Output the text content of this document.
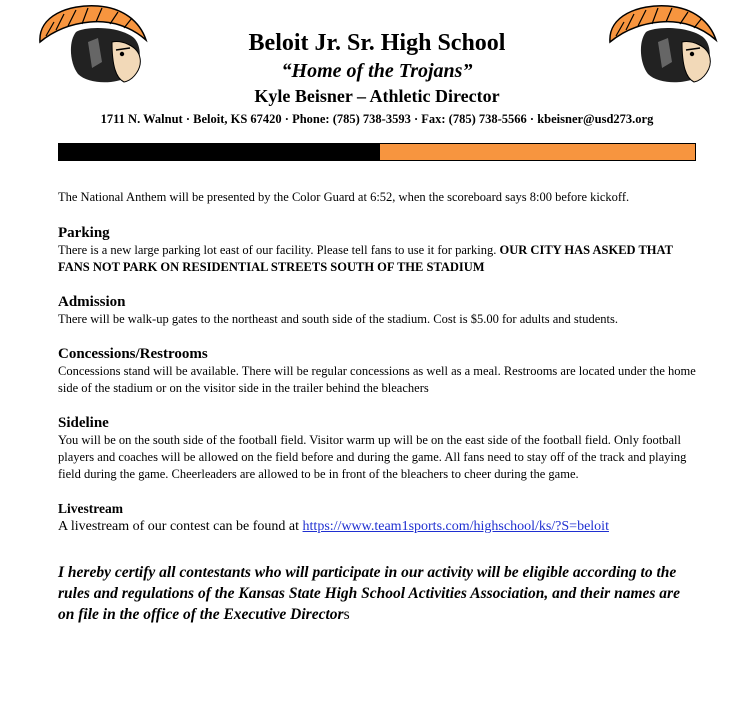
Beloit Jr. Sr. High School
“Home of the Trojans”
Kyle Beisner – Athletic Director
1711 N. Walnut · Beloit, KS 67420 · Phone: (785) 738-3593 · Fax: (785) 738-5566 · kbeisner@usd273.org

The National Anthem will be presented by the Color Guard at 6:52, when the scoreboard says 8:00 before kickoff.

Parking

There is a new large parking lot east of our facility. Please tell fans to use it for parking. OUR CITY HAS ASKED THAT FANS NOT PARK ON RESIDENTIAL STREETS SOUTH OF THE STADIUM

Admission

There will be walk-up gates to the northeast and south side of the stadium. Cost is $5.00 for adults and students.

Concessions/Restrooms

Concessions stand will be available. There will be regular concessions as well as a meal. Restrooms are located under the home side of the stadium or on the visitor side in the trailer behind the bleachers

Sideline

You will be on the south side of the football field. Visitor warm up will be on the east side of the football field. Only football players and coaches will be allowed on the field before and during the game. All fans need to stay off of the track and playing field during the game. Cheerleaders are allowed to be in front of the bleachers to cheer during the game.

Livestream

A livestream of our contest can be found at https://www.team1sports.com/highschool/ks/?S=beloit

I hereby certify all contestants who will participate in our activity will be eligible according to the rules and regulations of the Kansas State High School Activities Association, and their names are on file in the office of the Executive Directors
